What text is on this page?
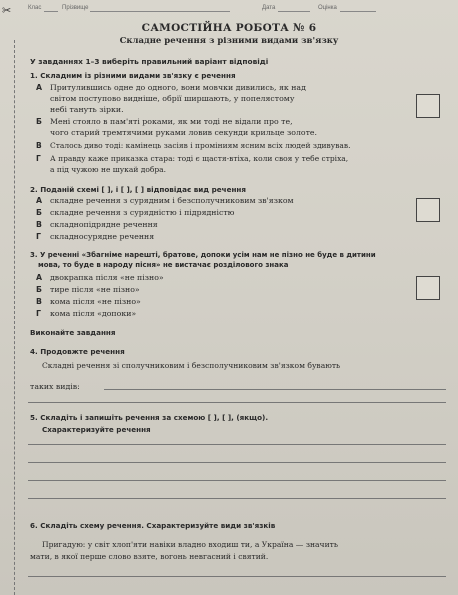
✂	Клас	Прізвище	Дата	Оцінка
САМОСТІЙНА РОБОТА № 6
Складне речення з різними видами зв'язку
У завданнях 1–3 виберіть правильний варіант відповіді
1. Складним із різними видами зв'язку є речення
А Притулившись одне до одного, вони мовчки дивились, як над
світом поступово видніше, обрії ширшають, у попелястому
небі тануть зірки.
Б Мені стояло в пам'яті роками, як ми тоді не відали про те,
чого старий тремтячими руками ловив секунди крильце золоте.
В Сталось диво тоді: камінець засіяв і проміниям ясним всіх людей здивував.
Г А правду каже приказка стара: тоді є щастя-втіха, коли своя у тебе стріха,
а під чужою не шукай добра.
2. Поданій схемі [ ], і [ ], [ ] відповідає вид речення
А складне речення з сурядним і безсполучниковим зв'язком
Б складне речення з сурядністю і підрядністю
В складнопідрядне речення
Г складносурядне речення
3. У реченні «Збагніме нарешті, братове, допоки усім нам не пізно не буде в дитини
мова, то буде в народу пісня» не вистачає розділового знака
А двокрапка після «не пізно»
Б тире після «не пізно»
В кома після «не пізно»
Г кома після «допоки»
Виконайте завдання
4. Продовжте речення
Складні речення зі сполучниковим і безсполучниковим зв'язком бувають
таких видів:
5. Складіть і запишіть речення за схемою [ ], [ ], (якщо).
Схарактеризуйте речення
6. Складіть схему речення. Схарактеризуйте види зв'язків
Пригадую: у світ хлоп'яти навіки владно входиш ти, а Україна — значить
мати, в якої перше слово взяте, вогонь невгасний і святий.
